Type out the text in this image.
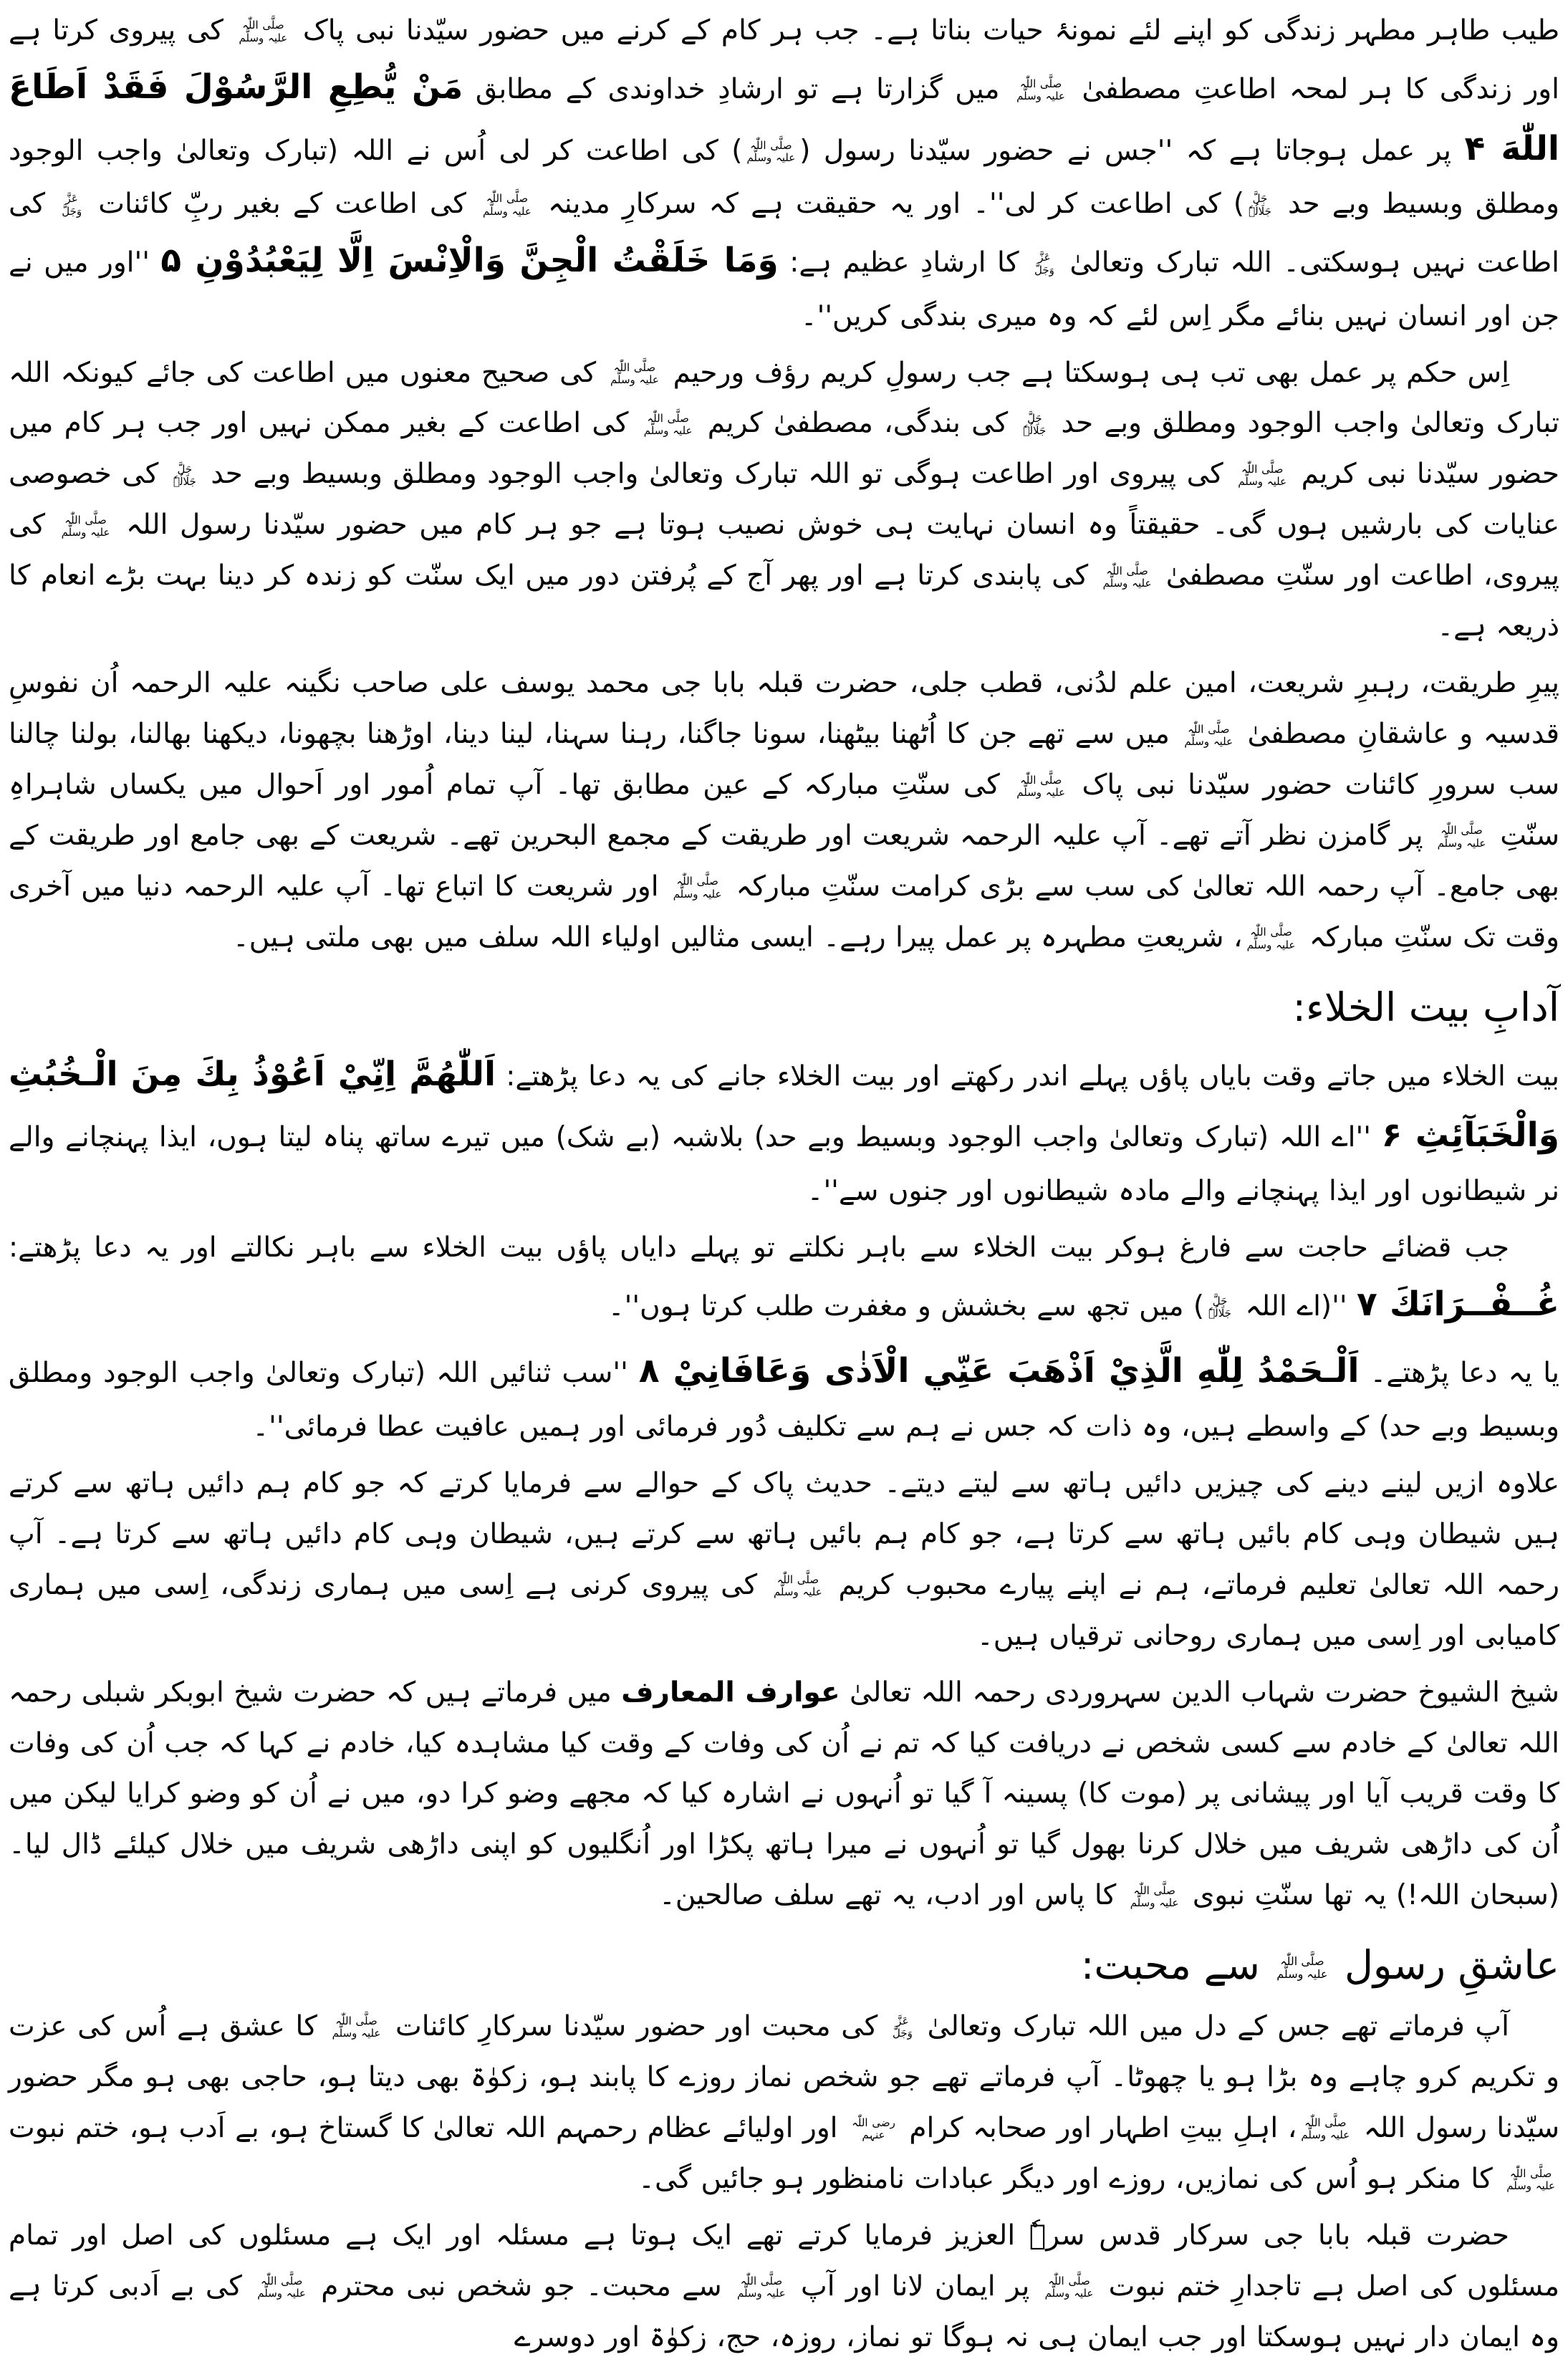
طیب طاہر مطہر زندگی کو اپنے لئے نمونۂ حیات بناتا ہے۔ جب ہر کام کے کرنے میں حضور سیّدنا نبی پاک
صلَّی اللّٰہ
علیہ وسلَّم
کی پیروی کرتا ہے اور زندگی کا ہر لمحہ اطاعتِ مصطفیٰ
صلَّی اللّٰہ
علیہ وسلَّم
میں گزارتا ہے تو ارشادِ خداوندی کے مطابق مَنْ يُّطِعِ الرَّسُوْلَ فَقَدْ اَطَاعَ اللّٰهَ ۴ پر عمل ہوجاتا ہے کہ ''جس نے حضور سیّدنا رسول (
صلَّی اللّٰہ
علیہ وسلَّم
) کی اطاعت کر لی اُس نے اللہ (تبارک وتعالیٰ واجب الوجود ومطلق وبسیط وبے حد
جَلَّ
جَلَالُہٗ
) کی اطاعت کر لی''۔ اور یہ حقیقت ہے کہ سرکارِ مدینہ
صلَّی اللّٰہ
علیہ وسلَّم
کی اطاعت کے بغیر ربِّ کائنات
عَزَّ
وَجَلَّ
کی اطاعت نہیں ہوسکتی۔ اللہ تبارک وتعالیٰ
عَزَّ
وَجَلَّ
کا ارشادِ عظیم ہے: وَمَا خَلَقْتُ الْجِنَّ وَالْاِنْسَ اِلَّا لِيَعْبُدُوْنِ ۵ ''اور میں نے جن اور انسان نہیں بنائے مگر اِس لئے کہ وہ میری بندگی کریں''۔

اِس حکم پر عمل بھی تب ہی ہوسکتا ہے جب رسولِ کریم رؤف ورحیم
صلَّی اللّٰہ
علیہ وسلَّم
کی صحیح معنوں میں اطاعت کی جائے کیونکہ اللہ تبارک وتعالیٰ واجب الوجود ومطلق وبے حد
جَلَّ
جَلَالُہٗ
کی بندگی، مصطفیٰ کریم
صلَّی اللّٰہ
علیہ وسلَّم
کی اطاعت کے بغیر ممکن نہیں اور جب ہر کام میں حضور سیّدنا نبی کریم
صلَّی اللّٰہ
علیہ وسلَّم
کی پیروی اور اطاعت ہوگی تو اللہ تبارک وتعالیٰ واجب الوجود ومطلق وبسیط وبے حد
جَلَّ
جَلَالُہٗ
کی خصوصی عنایات کی بارشیں ہوں گی۔ حقیقتاً وہ انسان نہایت ہی خوش نصیب ہوتا ہے جو ہر کام میں حضور سیّدنا رسول اللہ
صلَّی اللّٰہ
علیہ وسلَّم
کی پیروی، اطاعت اور سنّتِ مصطفیٰ
صلَّی اللّٰہ
علیہ وسلَّم
کی پابندی کرتا ہے اور پھر آج کے پُرفتن دور میں ایک سنّت کو زندہ کر دینا بہت بڑے انعام کا ذریعہ ہے۔

پیرِ طریقت، رہبرِ شریعت، امین علم لدُنی، قطب جلی، حضرت قبلہ بابا جی محمد یوسف علی صاحب نگینہ علیہ الرحمہ اُن نفوسِ قدسیہ و عاشقانِ مصطفیٰ
صلَّی اللّٰہ
علیہ وسلَّم
میں سے تھے جن کا اُٹھنا بیٹھنا، سونا جاگنا، رہنا سہنا، لینا دینا، اوڑھنا بچھونا، دیکھنا بھالنا، بولنا چالنا سب سرورِ کائنات حضور سیّدنا نبی پاک
صلَّی اللّٰہ
علیہ وسلَّم
کی سنّتِ مبارکہ کے عین مطابق تھا۔ آپ تمام اُمور اور اَحوال میں یکساں شاہراہِ سنّتِ
صلَّی اللّٰہ
علیہ وسلَّم
پر گامزن نظر آتے تھے۔ آپ علیہ الرحمہ شریعت اور طریقت کے مجمع البحرین تھے۔ شریعت کے بھی جامع اور طریقت کے بھی جامع۔ آپ رحمہ اللہ تعالیٰ کی سب سے بڑی کرامت سنّتِ مبارکہ
صلَّی اللّٰہ
علیہ وسلَّم
اور شریعت کا اتباع تھا۔ آپ علیہ الرحمہ دنیا میں آخری وقت تک سنّتِ مبارکہ
صلَّی اللّٰہ
علیہ وسلَّم
، شریعتِ مطہرہ پر عمل پیرا رہے۔ ایسی مثالیں اولیاء اللہ سلف میں بھی ملتی ہیں۔

آدابِ بیت الخلاء:

بیت الخلاء میں جاتے وقت بایاں پاؤں پہلے اندر رکھتے اور بیت الخلاء جانے کی یہ دعا پڑھتے: اَللّٰهُمَّ اِنِّيْ اَعُوْذُ بِكَ مِنَ الْـخُبُثِ وَالْخَبَآئِثِ ۶ ''اے اللہ (تبارک وتعالیٰ واجب الوجود وبسیط وبے حد) بلاشبہ (بے شک) میں تیرے ساتھ پناہ لیتا ہوں، ایذا پہنچانے والے نر شیطانوں اور ایذا پہنچانے والے مادہ شیطانوں اور جنوں سے''۔

جب قضائے حاجت سے فارغ ہوکر بیت الخلاء سے باہر نکلتے تو پہلے دایاں پاؤں بیت الخلاء سے باہر نکالتے اور یہ دعا پڑھتے: غُــفْــرَانَكَ ۷ ''(اے اللہ
جَلَّ
جَلَالُہٗ
) میں تجھ سے بخشش و مغفرت طلب کرتا ہوں''۔

یا یہ دعا پڑھتے۔ اَلْـحَمْدُ لِلّٰهِ الَّذِيْ اَذْهَبَ عَنِّي الْاَذٰى وَعَافَانِيْ ۸ ''سب ثنائیں اللہ (تبارک وتعالیٰ واجب الوجود ومطلق وبسیط وبے حد) کے واسطے ہیں، وہ ذات کہ جس نے ہم سے تکلیف دُور فرمائی اور ہمیں عافیت عطا فرمائی''۔

علاوہ ازیں لینے دینے کی چیزیں دائیں ہاتھ سے لیتے دیتے۔ حدیث پاک کے حوالے سے فرمایا کرتے کہ جو کام ہم دائیں ہاتھ سے کرتے ہیں شیطان وہی کام بائیں ہاتھ سے کرتا ہے، جو کام ہم بائیں ہاتھ سے کرتے ہیں، شیطان وہی کام دائیں ہاتھ سے کرتا ہے۔ آپ رحمہ اللہ تعالیٰ تعلیم فرماتے، ہم نے اپنے پیارے محبوب کریم
صلَّی اللّٰہ
علیہ وسلَّم
کی پیروی کرنی ہے اِسی میں ہماری زندگی، اِسی میں ہماری کامیابی اور اِسی میں ہماری روحانی ترقیاں ہیں۔

شیخ الشیوخ حضرت شہاب الدین سہروردی رحمہ اللہ تعالیٰ عوارف المعارف میں فرماتے ہیں کہ حضرت شیخ ابوبکر شبلی رحمہ اللہ تعالیٰ کے خادم سے کسی شخص نے دریافت کیا کہ تم نے اُن کی وفات کے وقت کیا مشاہدہ کیا، خادم نے کہا کہ جب اُن کی وفات کا وقت قریب آیا اور پیشانی پر (موت کا) پسینہ آ گیا تو اُنہوں نے اشارہ کیا کہ مجھے وضو کرا دو، میں نے اُن کو وضو کرایا لیکن میں اُن کی داڑھی شریف میں خلال کرنا بھول گیا تو اُنہوں نے میرا ہاتھ پکڑا اور اُنگلیوں کو اپنی داڑھی شریف میں خلال کیلئے ڈال لیا۔ (سبحان اللہ!) یہ تھا سنّتِ نبوی
صلَّی اللّٰہ
علیہ وسلَّم
کا پاس اور ادب، یہ تھے سلف صالحین۔

عاشقِ رسول
صلَّی اللّٰہ
علیہ وسلَّم
سے محبت:

آپ فرماتے تھے جس کے دل میں اللہ تبارک وتعالیٰ
عَزَّ
وَجَلَّ
کی محبت اور حضور سیّدنا سرکارِ کائنات
صلَّی اللّٰہ
علیہ وسلَّم
کا عشق ہے اُس کی عزت و تکریم کرو چاہے وہ بڑا ہو یا چھوٹا۔ آپ فرماتے تھے جو شخص نماز روزے کا پابند ہو، زکوٰۃ بھی دیتا ہو، حاجی بھی ہو مگر حضور سیّدنا رسول اللہ
صلَّی اللّٰہ
علیہ وسلَّم
، اہلِ بیتِ اطہار اور صحابہ کرام
رضی اللّٰہ
عنہم
اور اولیائے عظام رحمہم اللہ تعالیٰ کا گستاخ ہو، بے اَدب ہو، ختم نبوت
صلَّی اللّٰہ
علیہ وسلَّم
کا منکر ہو اُس کی نمازیں، روزے اور دیگر عبادات نامنظور ہو جائیں گی۔

حضرت قبلہ بابا جی سرکار قدس سرہٗ العزیز فرمایا کرتے تھے ایک ہوتا ہے مسئلہ اور ایک ہے مسئلوں کی اصل اور تمام مسئلوں کی اصل ہے تاجدارِ ختم نبوت
صلَّی اللّٰہ
علیہ وسلَّم
پر ایمان لانا اور آپ
صلَّی اللّٰہ
علیہ وسلَّم
سے محبت۔ جو شخص نبی محترم
صلَّی اللّٰہ
علیہ وسلَّم
کی بے اَدبی کرتا ہے وہ ایمان دار نہیں ہوسکتا اور جب ایمان ہی نہ ہوگا تو نماز، روزہ، حج، زکوٰۃ اور دوسرے
